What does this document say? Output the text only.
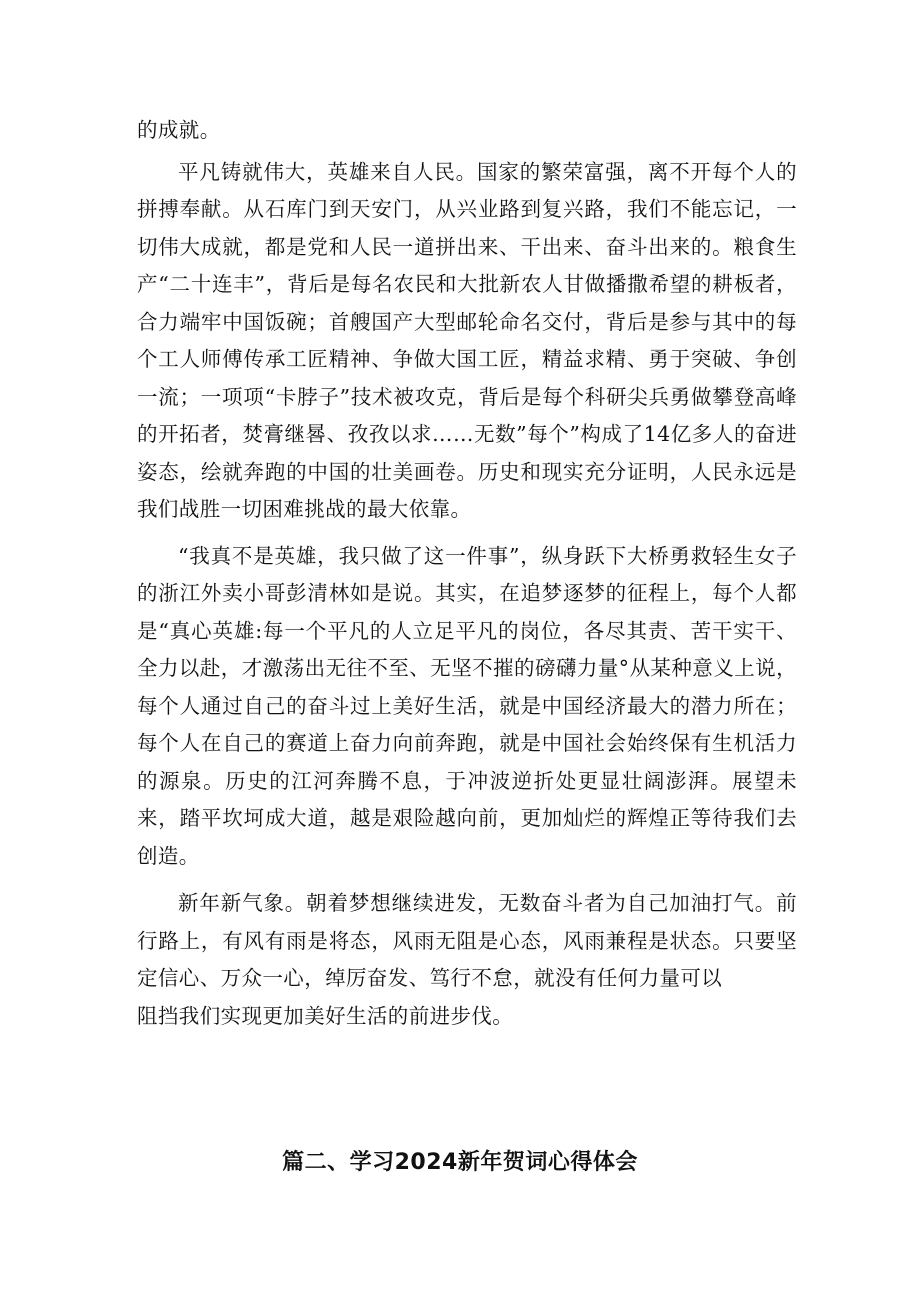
的成就。

平凡铸就伟大，英雄来自人民。国家的繁荣富强，离不开每个人的拼搏奉献。从石库门到天安门，从兴业路到复兴路，我们不能忘记，一切伟大成就，都是党和人民一道拼出来、干出来、奋斗出来的。粮食生产“二十连丰”，背后是每名农民和大批新农人甘做播撒希望的耕板者，合力端牢中国饭碗；首艘国产大型邮轮命名交付，背后是参与其中的每个工人师傅传承工匠精神、争做大国工匠，精益求精、勇于突破、争创一流；一项项“卡脖子”技术被攻克，背后是每个科研尖兵勇做攀登高峰的开拓者，焚膏继晷、孜孜以求……无数”每个”构成了14亿多人的奋进姿态，绘就奔跑的中国的壮美画卷。历史和现实充分证明，人民永远是我们战胜一切困难挑战的最大依靠。

“我真不是英雄，我只做了这一件事”，纵身跃下大桥勇救轻生女子的浙江外卖小哥彭清林如是说。其实，在追梦逐梦的征程上，每个人都是“真心英雄:每一个平凡的人立足平凡的岗位，各尽其责、苦干实干、全力以赴，才激荡出无往不至、无坚不摧的磅礴力量°从某种意义上说，每个人通过自己的奋斗过上美好生活，就是中国经济最大的潜力所在；每个人在自己的赛道上奋力向前奔跑，就是中国社会始终保有生机活力的源泉。历史的江河奔腾不息，于冲波逆折处更显壮阔澎湃。展望未来，踏平坎坷成大道，越是艰险越向前，更加灿烂的辉煌正等待我们去创造。

新年新气象。朝着梦想继续进发，无数奋斗者为自己加油打气。前行路上，有风有雨是将态，风雨无阻是心态，风雨兼程是状态。只要坚定信心、万众一心，绰厉奋发、笃行不怠，就没有任何力量可以

阻挡我们实现更加美好生活的前进步伐。

篇二、学习2024新年贺词心得体会
